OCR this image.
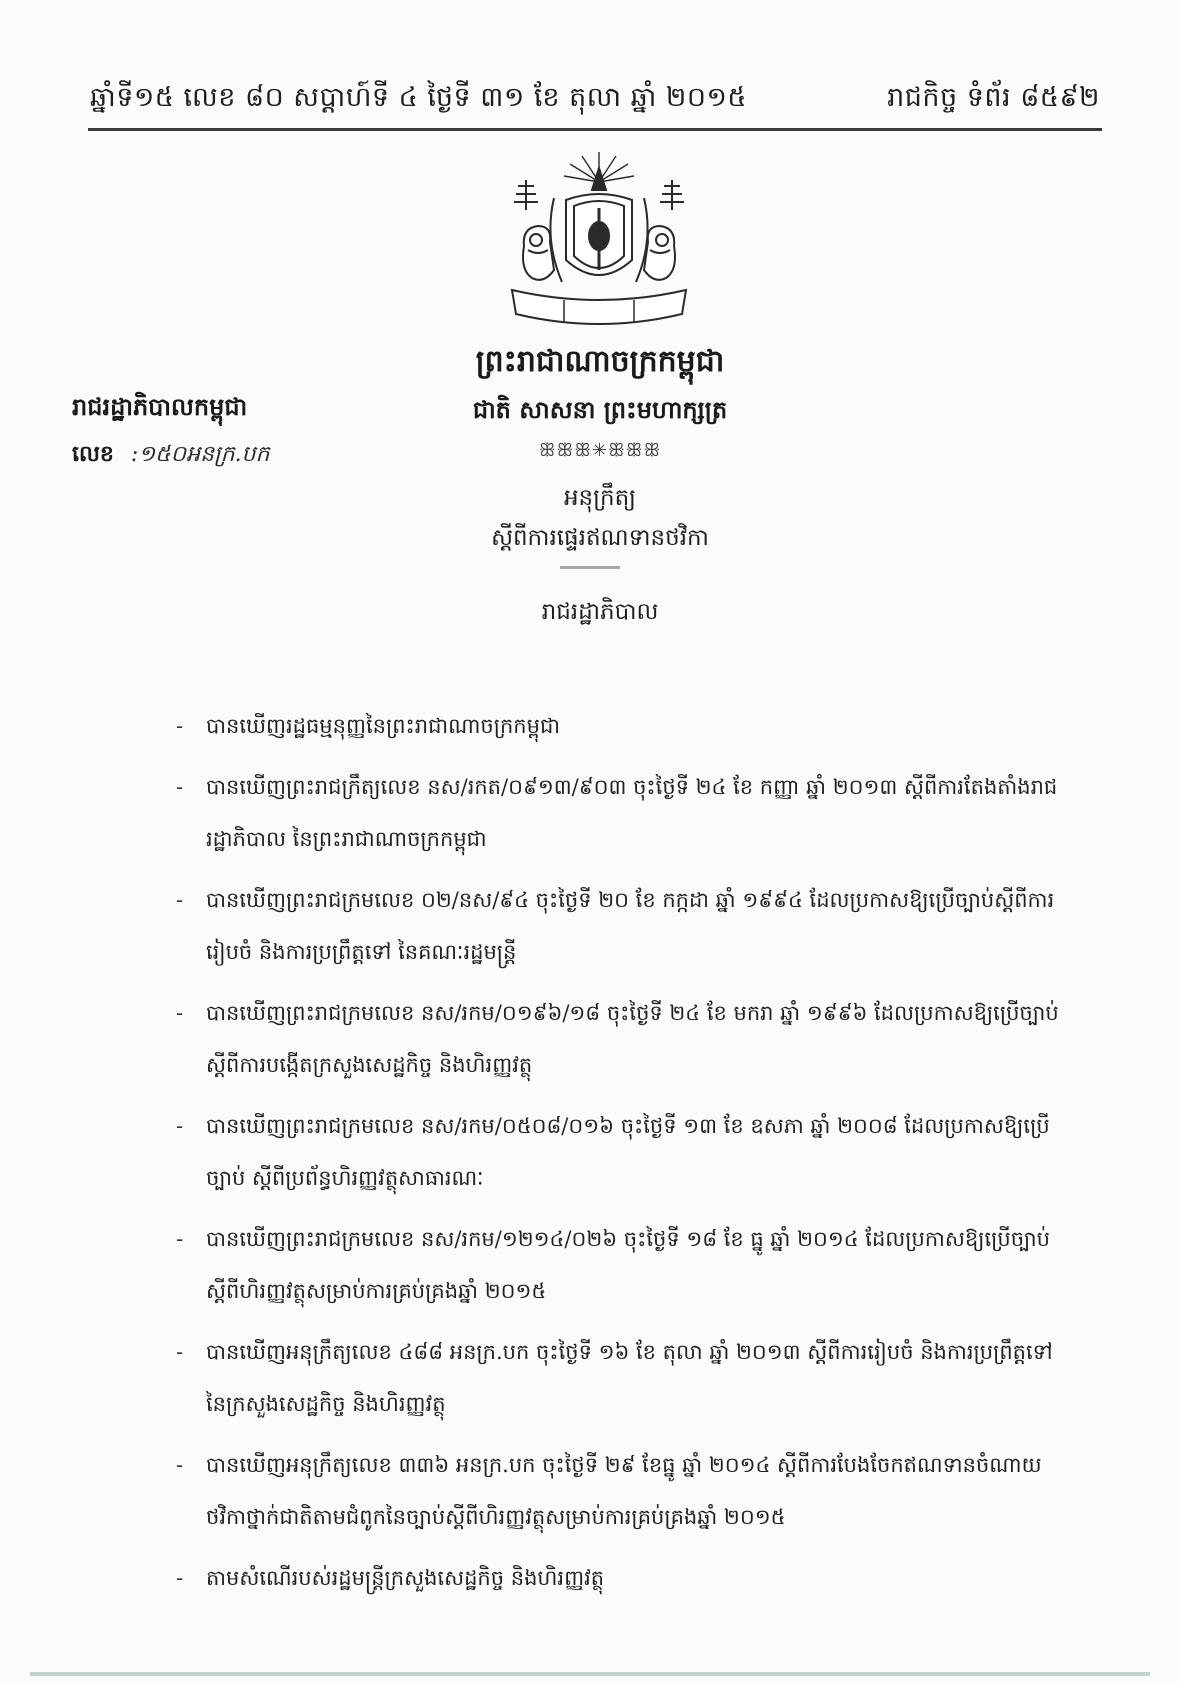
ឆ្នាំទី១៥ លេខ ៨០ សប្តាហ៍ទី ៤ ថ្ងៃទី ៣១ ខែ តុលា ឆ្នាំ ២០១៥	រាជកិច្ច ទំព័រ ៨៥៩២
ព្រះរាជាណាចក្រកម្ពុជា
ជាតិ សាសនា ព្រះមហាក្សត្រ
ꕥꕥꕥ✳ꕥꕥꕥ
រាជរដ្ឋាភិបាលកម្ពុជា
លេខ :១៥០អនក្រ.បក
អនុក្រឹត្យ
ស្តីពីការផ្ទេរឥណទានថវិកា
រាជរដ្ឋាភិបាល
- បានឃើញរដ្ឋធម្មនុញ្ញនៃព្រះរាជាណាចក្រកម្ពុជា
- បានឃើញព្រះរាជក្រឹត្យលេខ នស/រកត/០៩១៣/៩០៣ ចុះថ្ងៃទី ២៤ ខែ កញ្ញា ឆ្នាំ ២០១៣ ស្តីពីការតែងតាំងរាជរដ្ឋាភិបាល នៃព្រះរាជាណាចក្រកម្ពុជា
- បានឃើញព្រះរាជក្រមលេខ ០២/នស/៩៤ ចុះថ្ងៃទី ២០ ខែ កក្កដា ឆ្នាំ ១៩៩៤ ដែលប្រកាសឱ្យប្រើច្បាប់ស្តីពីការរៀបចំ និងការប្រព្រឹត្តទៅ នៃគណៈរដ្ឋមន្ត្រី
- បានឃើញព្រះរាជក្រមលេខ នស/រកម/០១៩៦/១៨ ចុះថ្ងៃទី ២៤ ខែ មករា ឆ្នាំ ១៩៩៦ ដែលប្រកាសឱ្យប្រើច្បាប់ស្តីពីការបង្កើតក្រសួងសេដ្ឋកិច្ច និងហិរញ្ញវត្ថុ
- បានឃើញព្រះរាជក្រមលេខ នស/រកម/០៥០៨/០១៦ ចុះថ្ងៃទី ១៣ ខែ ឧសភា ឆ្នាំ ២០០៨ ដែលប្រកាសឱ្យប្រើច្បាប់ ស្តីពីប្រព័ន្ធហិរញ្ញវត្ថុសាធារណៈ
- បានឃើញព្រះរាជក្រមលេខ នស/រកម/១២១៤/០២៦ ចុះថ្ងៃទី ១៨ ខែ ធ្នូ ឆ្នាំ ២០១៤ ដែលប្រកាសឱ្យប្រើច្បាប់ស្តីពីហិរញ្ញវត្ថុសម្រាប់ការគ្រប់គ្រងឆ្នាំ ២០១៥
- បានឃើញអនុក្រឹត្យលេខ ៤៨៨ អនក្រ.បក ចុះថ្ងៃទី ១៦ ខែ តុលា ឆ្នាំ ២០១៣ ស្តីពីការរៀបចំ និងការប្រព្រឹត្តទៅនៃក្រសួងសេដ្ឋកិច្ច និងហិរញ្ញវត្ថុ
- បានឃើញអនុក្រឹត្យលេខ ៣៣៦ អនក្រ.បក ចុះថ្ងៃទី ២៩ ខែធ្នូ ឆ្នាំ ២០១៤ ស្តីពីការបែងចែកឥណទានចំណាយថវិកាថ្នាក់ជាតិតាមជំពូកនៃច្បាប់ស្តីពីហិរញ្ញវត្ថុសម្រាប់ការគ្រប់គ្រងឆ្នាំ ២០១៥
- តាមសំណើរបស់រដ្ឋមន្ត្រីក្រសួងសេដ្ឋកិច្ច និងហិរញ្ញវត្ថុ
